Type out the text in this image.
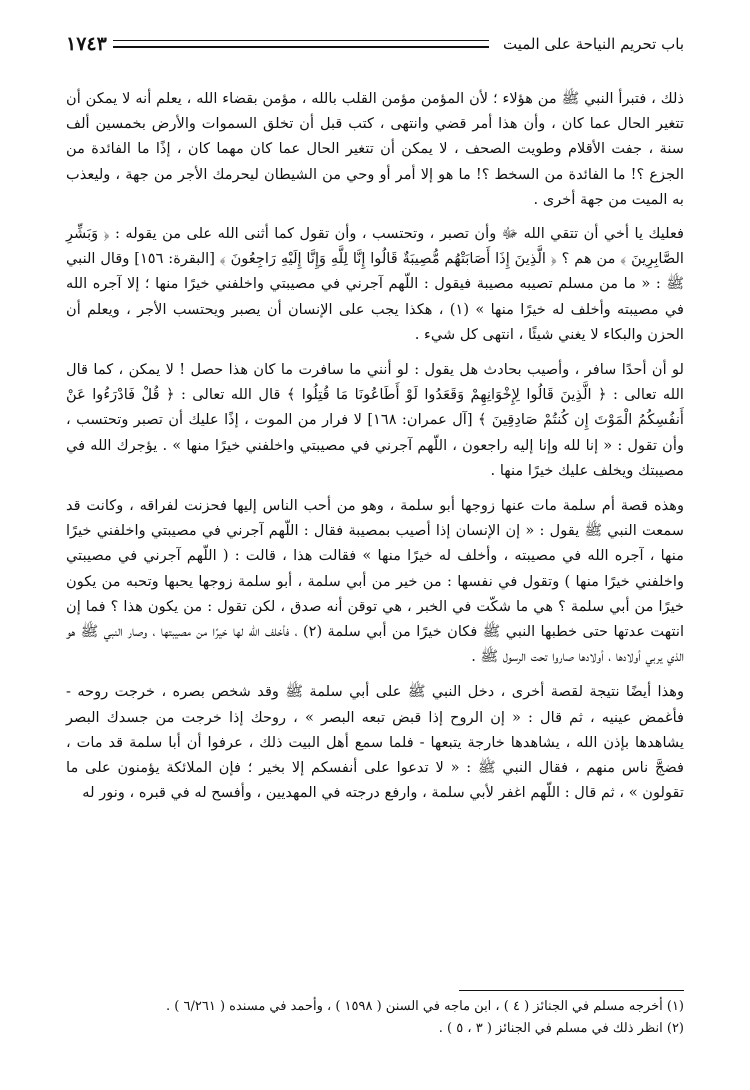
باب تحريم النياحة على الميت
١٧٤٣

ذلك ، فتبرأ النبي ﷺ من هؤلاء ؛ لأن المؤمن مؤمن القلب بالله ، مؤمن بقضاء الله ، يعلم أنه لا يمكن أن تتغير الحال عما كان ، وأن هذا أمر قضي وانتهى ، كتب قبل أن تخلق السموات والأرض بخمسين ألف سنة ، جفت الأقلام وطويت الصحف ، لا يمكن أن تتغير الحال عما كان مهما كان ، إذًا ما الفائدة من الجزع ؟! ما الفائدة من السخط ؟! ما هو إلا أمر أو وحي من الشيطان ليحرمك الأجر من جهة ، وليعذب به الميت من جهة أخرى .

فعليك يا أخي أن تتقي الله ﷻ وأن تصبر ، وتحتسب ، وأن تقول كما أثنى الله على من يقوله : ﴿ وَبَشِّرِ الصَّابِرِينَ ﴾ من هم ؟ ﴿ الَّذِينَ إِذَا أَصَابَتْهُم مُّصِيبَةٌ قَالُوا إِنَّا لِلَّهِ وَإِنَّا إِلَيْهِ رَاجِعُونَ ﴾ [البقرة: ١٥٦] وقال النبي ﷺ : « ما من مسلم تصيبه مصيبة فيقول : اللّهم آجرني في مصيبتي واخلفني خيرًا منها ؛ إلا آجره الله في مصيبته وأخلف له خيرًا منها » (١) ، هكذا يجب على الإنسان أن يصبر ويحتسب الأجر ، ويعلم أن الحزن والبكاء لا يغني شيئًا ، انتهى كل شيء .

لو أن أحدًا سافر ، وأصيب بحادث هل يقول : لو أنني ما سافرت ما كان هذا حصل ! لا يمكن ، كما قال الله تعالى : ﴿ الَّذِينَ قَالُوا لِإِخْوَانِهِمْ وَقَعَدُوا لَوْ أَطَاعُونَا مَا قُتِلُوا ﴾ قال الله تعالى : ﴿ قُلْ فَادْرَءُوا عَنْ أَنفُسِكُمُ الْمَوْتَ إِن كُنتُمْ صَادِقِينَ ﴾ [آل عمران: ١٦٨] لا فرار من الموت ، إذًا عليك أن تصبر وتحتسب ، وأن تقول : « إنا لله وإنا إليه راجعون ، اللّهم آجرني في مصيبتي واخلفني خيرًا منها » . يؤجرك الله في مصيبتك ويخلف عليك خيرًا منها .

وهذه قصة أم سلمة مات عنها زوجها أبو سلمة ، وهو من أحب الناس إليها فحزنت لفراقه ، وكانت قد سمعت النبي ﷺ يقول : « إن الإنسان إذا أصيب بمصيبة فقال : اللّهم آجرني في مصيبتي واخلفني خيرًا منها ، آجره الله في مصيبته ، وأخلف له خيرًا منها » فقالت هذا ، قالت : ( اللّهم آجرني في مصيبتي واخلفني خيرًا منها ) وتقول في نفسها : من خير من أبي سلمة ، أبو سلمة زوجها يحبها وتحبه من يكون خيرًا من أبي سلمة ؟ هي ما شكّت في الخبر ، هي توقن أنه صدق ، لكن تقول : من يكون هذا ؟ فما إن انتهت عدتها حتى خطبها النبي ﷺ فكان خيرًا من أبي سلمة (٢) ، فأخلف الله لها خيرًا من مصيبتها ، وصار النبي ﷺ هو الذي يربي أولادها ، أولادها صاروا تحت الرسول ﷺ .

وهذا أيضًا نتيجة لقصة أخرى ، دخل النبي ﷺ على أبي سلمة ﷺ وقد شخص بصره ، خرجت روحه - فأغمض عينيه ، ثم قال : « إن الروح إذا قبض تبعه البصر » ، روحك إذا خرجت من جسدك البصر يشاهدها بإذن الله ، يشاهدها خارجة يتبعها - فلما سمع أهل البيت ذلك ، عرفوا أن أبا سلمة قد مات ، فضجَّ ناس منهم ، فقال النبي ﷺ : « لا تدعوا على أنفسكم إلا بخير ؛ فإن الملائكة يؤمنون على ما تقولون » ، ثم قال : اللّهم اغفر لأبي سلمة ، وارفع درجته في المهديين ، وأفسح له في قبره ، ونور له

(١) أخرجه مسلم في الجنائز ( ٤ ) ، ابن ماجه في السنن ( ١٥٩٨ ) ، وأحمد في مسنده ( ٦/٢٦١ ) .

(٢) انظر ذلك في مسلم في الجنائز ( ٣ ، ٥ ) .
